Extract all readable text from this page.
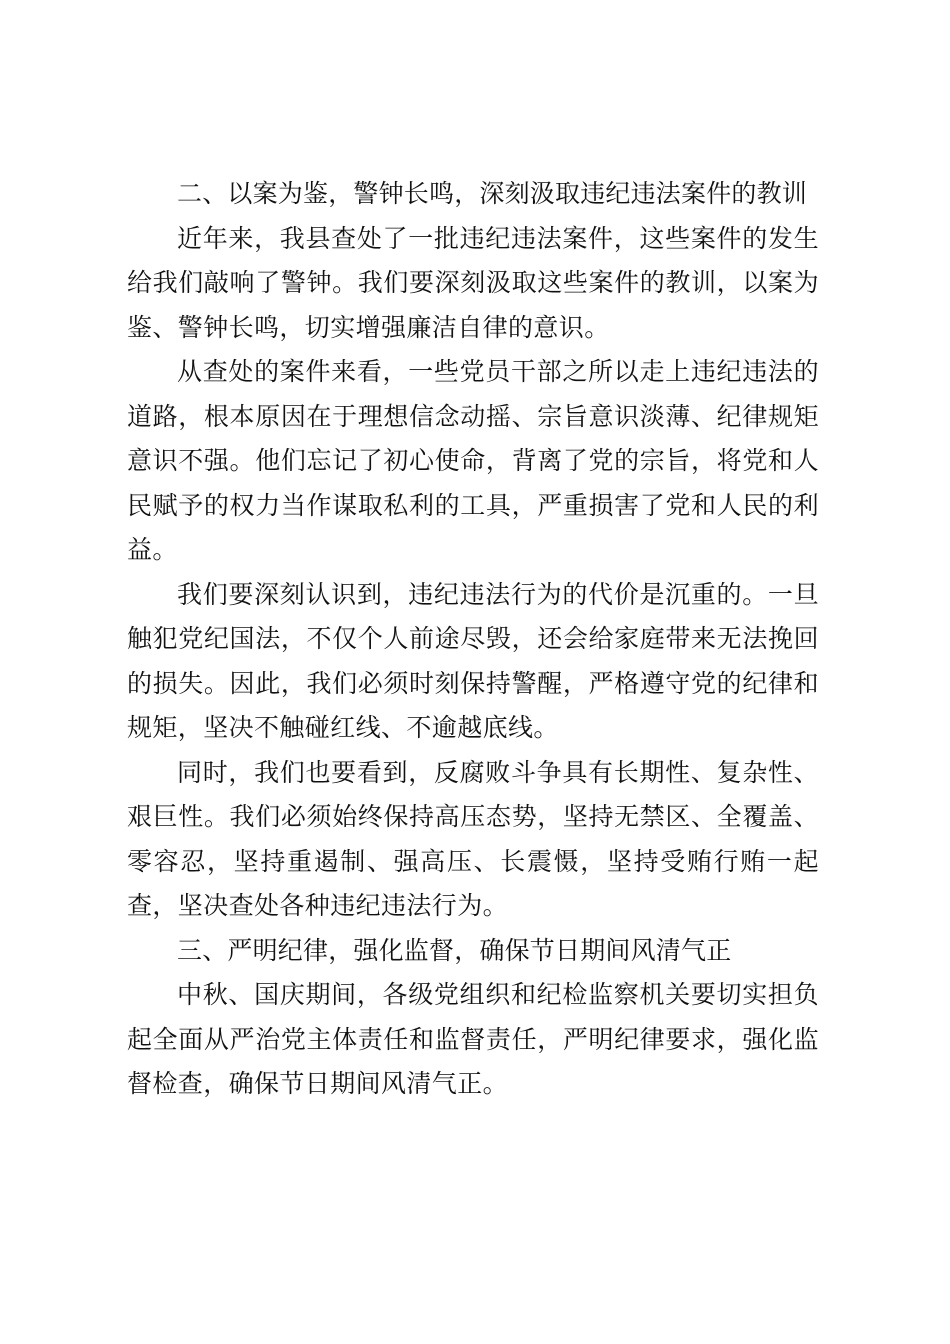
二、以案为鉴，警钟长鸣，深刻汲取违纪违法案件的教训

近年来，我县查处了一批违纪违法案件，这些案件的发生给我们敲响了警钟。我们要深刻汲取这些案件的教训，以案为鉴、警钟长鸣，切实增强廉洁自律的意识。

从查处的案件来看，一些党员干部之所以走上违纪违法的道路，根本原因在于理想信念动摇、宗旨意识淡薄、纪律规矩意识不强。他们忘记了初心使命，背离了党的宗旨，将党和人民赋予的权力当作谋取私利的工具，严重损害了党和人民的利益。

我们要深刻认识到，违纪违法行为的代价是沉重的。一旦触犯党纪国法，不仅个人前途尽毁，还会给家庭带来无法挽回的损失。因此，我们必须时刻保持警醒，严格遵守党的纪律和规矩，坚决不触碰红线、不逾越底线。

同时，我们也要看到，反腐败斗争具有长期性、复杂性、艰巨性。我们必须始终保持高压态势，坚持无禁区、全覆盖、零容忍，坚持重遏制、强高压、长震慑，坚持受贿行贿一起查，坚决查处各种违纪违法行为。

三、严明纪律，强化监督，确保节日期间风清气正

中秋、国庆期间，各级党组织和纪检监察机关要切实担负起全面从严治党主体责任和监督责任，严明纪律要求，强化监督检查，确保节日期间风清气正。
